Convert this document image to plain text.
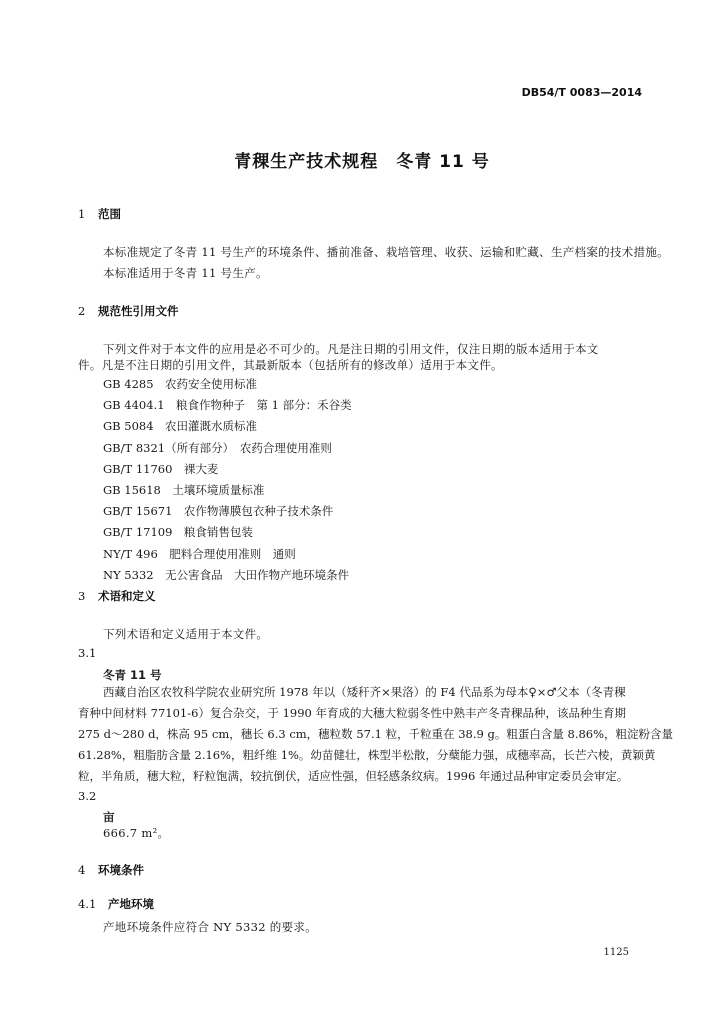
DB54/T 0083—2014
青稞生产技术规程　冬青 11 号
1 范围
本标准规定了冬青 11 号生产的环境条件、播前准备、栽培管理、收获、运输和贮藏、生产档案的技术措施。
本标准适用于冬青 11 号生产。
2 规范性引用文件
下列文件对于本文件的应用是必不可少的。凡是注日期的引用文件，仅注日期的版本适用于本文
件。凡是不注日期的引用文件，其最新版本（包括所有的修改单）适用于本文件。
GB 4285　农药安全使用标准
GB 4404.1　粮食作物种子　第 1 部分：禾谷类
GB 5084　农田灌溉水质标准
GB/T 8321（所有部分）　农药合理使用准则
GB/T 11760　裸大麦
GB 15618　土壤环境质量标准
GB/T 15671　农作物薄膜包衣种子技术条件
GB/T 17109　粮食销售包装
NY/T 496　肥料合理使用准则　通则
NY 5332　无公害食品　大田作物产地环境条件
3 术语和定义
下列术语和定义适用于本文件。
3.1
冬青 11 号
西藏自治区农牧科学院农业研究所 1978 年以（矮秆齐×果洛）的 F4 代品系为母本♀×♂父本（冬青稞
育种中间材料 77101-6）复合杂交，于 1990 年育成的大穗大粒弱冬性中熟丰产冬青稞品种，该品种生育期
275 d～280 d，株高 95 cm，穗长 6.3 cm，穗粒数 57.1 粒，千粒重在 38.9 g。粗蛋白含量 8.86%，粗淀粉含量
61.28%，粗脂肪含量 2.16%，粗纤维 1%。幼苗健壮，株型半松散，分蘖能力强，成穗率高，长芒六棱，黄颖黄
粒，半角质，穗大粒，籽粒饱满，较抗倒伏，适应性强，但轻感条纹病。1996 年通过品种审定委员会审定。
3.2
亩
666.7 m²。
4 环境条件
4.1 产地环境
产地环境条件应符合 NY 5332 的要求。
1125
